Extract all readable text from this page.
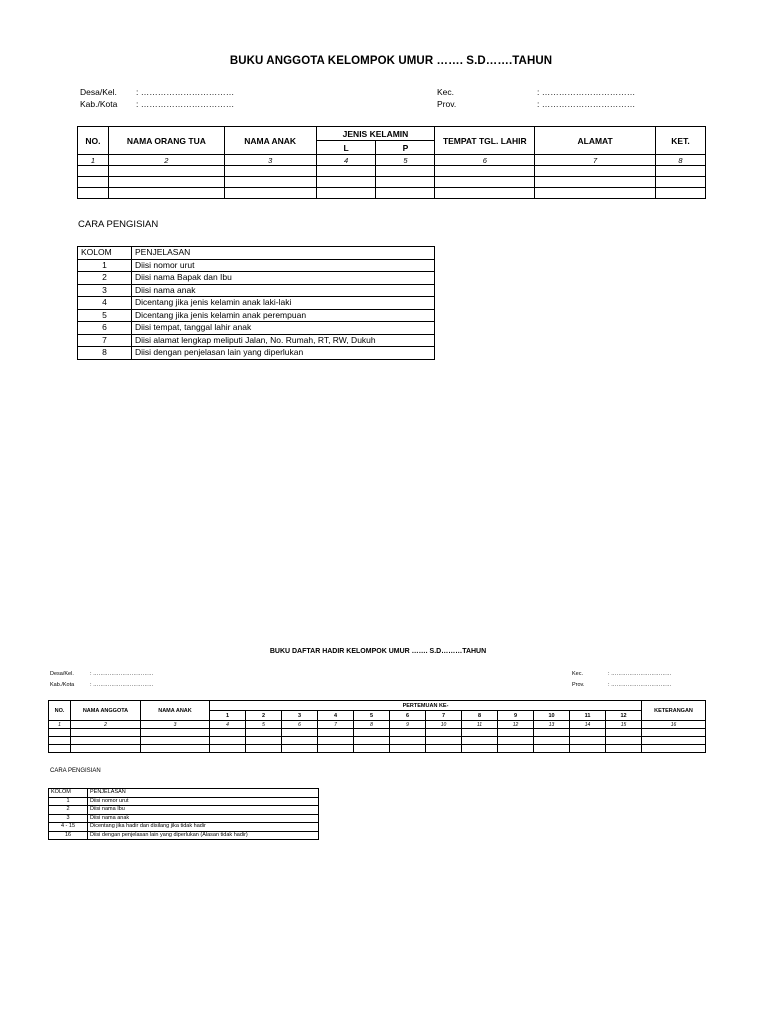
BUKU ANGGOTA KELOMPOK UMUR ……. S.D…….TAHUN
Desa/Kel. : ……………………………
Kab./Kota : ……………………………
Kec.	: ……………………………
Prov.	: ……………………………
NO.	NAMA ORANG TUA	NAMA ANAK	JENIS KELAMIN		TEMPAT TGL. LAHIR	ALAMAT	KET.
			L	P			
1	2	3	4	5	6	7	8

CARA PENGISIAN
KOLOM	PENJELASAN
1	Diisi nomor urut
2	Diisi nama Bapak dan Ibu
3	Diisi nama anak
4	Dicentang jika jenis kelamin anak laki-laki
5	Dicentang jika jenis kelamin anak perempuan
6	Diisi tempat, tanggal lahir anak
7	Diisi alamat lengkap meliputi Jalan, No. Rumah, RT, RW, Dukuh
8	Diisi dengan penjelasan lain yang diperlukan
BUKU DAFTAR HADIR KELOMPOK UMUR ……. S.D………TAHUN
Desa/Kel.	: ……………………………
Kab./Kota	: ……………………………
Kec.	: ……………………………
Prov.	: ……………………………
NO.	NAMA ANGGOTA	NAMA ANAK	PERTEMUAN KE-												KETERANGAN
			1	2	3	4	5	6	7	8	9	10	11	12	
1	2	3	4	5	6	7	8	9	10	11	12	13	14	15	16

CARA PENGISIAN
KOLOM	PENJELASAN
1	Diisi nomor urut
2	Diisi nama Ibu
3	Diisi nama anak
4 - 15	Dicentang jika hadir dan disilang jika tidak hadir
16	Diisi dengan penjelasan lain yang diperlukan (Alasan tidak hadir)
